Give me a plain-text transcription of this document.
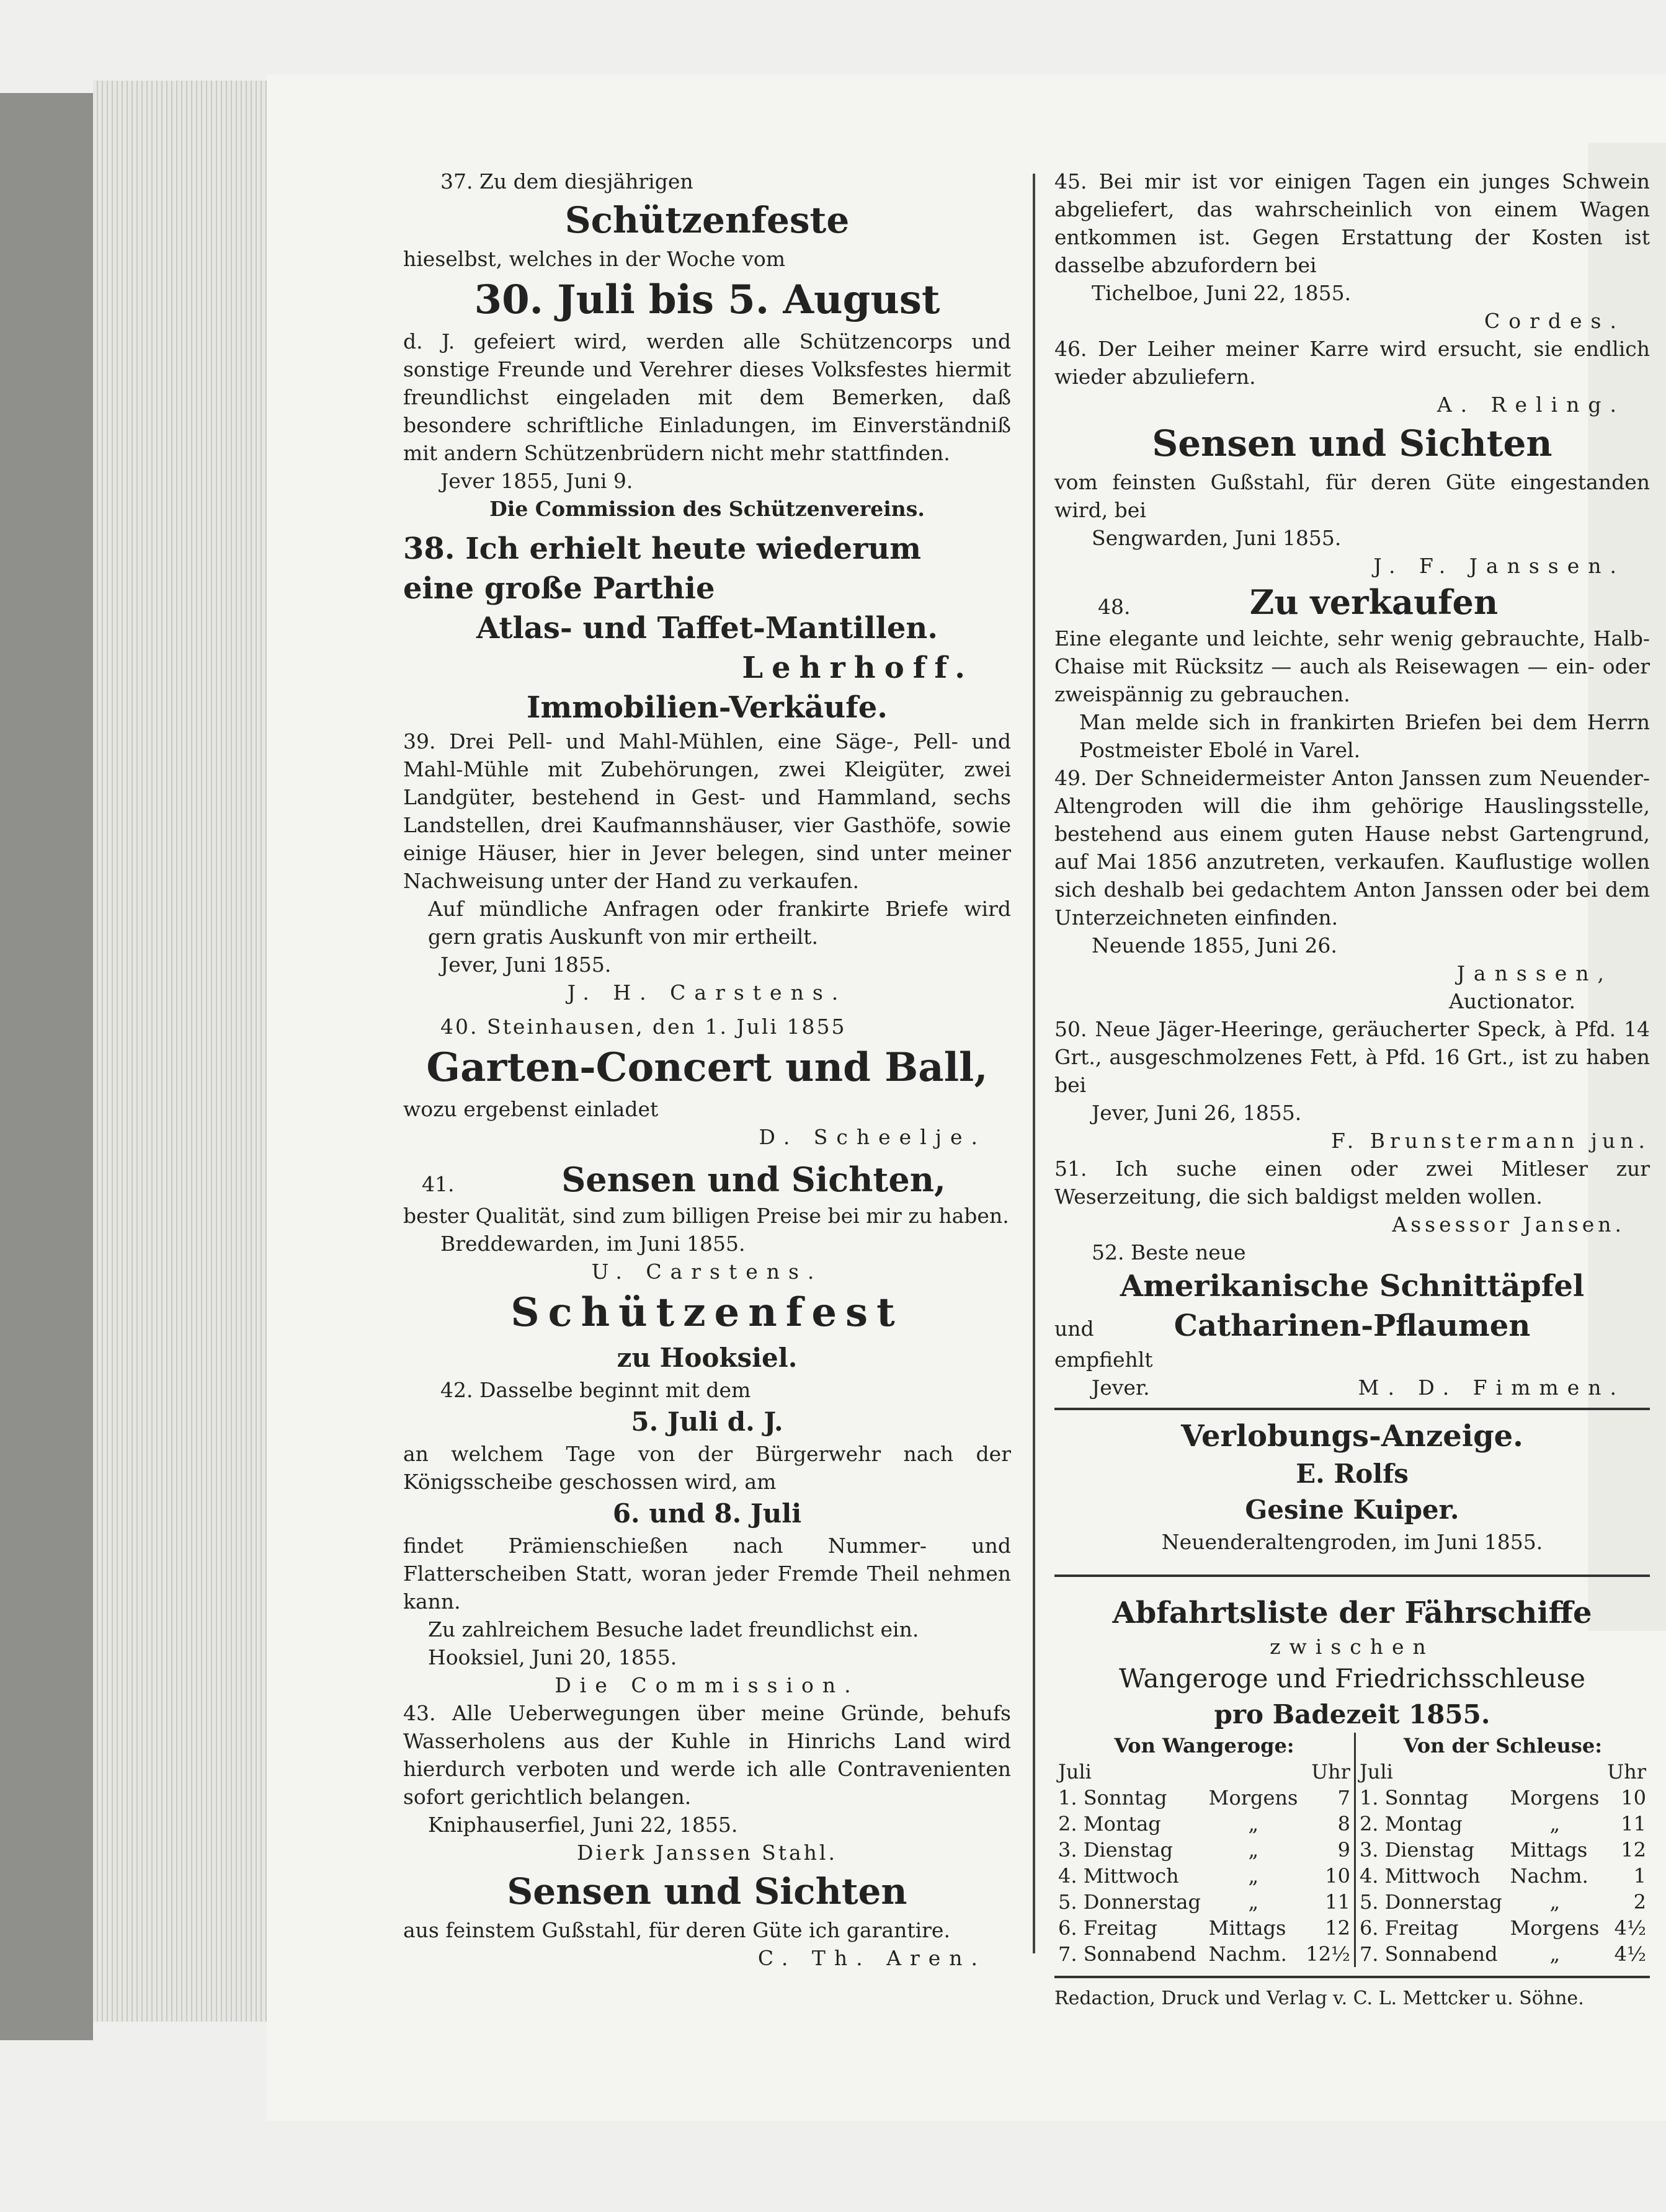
37. Zu dem diesjährigen

Schützenfeste

hieselbst, welches in der Woche vom

30. Juli bis 5. August

d. J. gefeiert wird, werden alle Schützencorps und sonstige Freunde und Verehrer dieses Volksfestes hiermit freundlichst eingeladen mit dem Bemerken, daß besondere schriftliche Einladungen, im Einverständniß mit andern Schützenbrüdern nicht mehr stattfinden.

Jever 1855, Juni 9.

Die Commission des Schützenvereins.

38. Ich erhielt heute wiederum

eine große Parthie

Atlas- und Taffet-Mantillen.

Lehrhoff.

Immobilien-Verkäufe.

39. Drei Pell- und Mahl-Mühlen, eine Säge-, Pell- und Mahl-Mühle mit Zubehörungen, zwei Kleigüter, zwei Landgüter, bestehend in Gest- und Hammland, sechs Landstellen, drei Kaufmannshäuser, vier Gasthöfe, sowie einige Häuser, hier in Jever belegen, sind unter meiner Nachweisung unter der Hand zu verkaufen.

Auf mündliche Anfragen oder frankirte Briefe wird gern gratis Auskunft von mir ertheilt.

Jever, Juni 1855.

J. H. Carstens.

40. Steinhausen, den 1. Juli 1855

Garten-Concert und Ball,

wozu ergebenst einladet

D. Scheelje.

41.	Sensen und Sichten,

bester Qualität, sind zum billigen Preise bei mir zu haben.

Breddewarden, im Juni 1855.

U. Carstens.

Schützenfest

zu Hooksiel.

42. Dasselbe beginnt mit dem

5. Juli d. J.

an welchem Tage von der Bürgerwehr nach der Königsscheibe geschossen wird, am

6. und 8. Juli

findet Prämienschießen nach Nummer- und Flatterscheiben Statt, woran jeder Fremde Theil nehmen kann.

Zu zahlreichem Besuche ladet freundlichst ein.

Hooksiel, Juni 20, 1855.

Die Commission.

43. Alle Ueberwegungen über meine Gründe, behufs Wasserholens aus der Kuhle in Hinrichs Land wird hierdurch verboten und werde ich alle Contravenienten sofort gerichtlich belangen.

Kniphauserfiel, Juni 22, 1855.

Dierk Janssen Stahl.

Sensen und Sichten

aus feinstem Gußstahl, für deren Güte ich garantire.

C. Th. Aren.

45. Bei mir ist vor einigen Tagen ein junges Schwein abgeliefert, das wahrscheinlich von einem Wagen entkommen ist. Gegen Erstattung der Kosten ist dasselbe abzufordern bei

Tichelboe, Juni 22, 1855.

Cordes.

46. Der Leiher meiner Karre wird ersucht, sie endlich wieder abzuliefern.

A. Reling.

Sensen und Sichten

vom feinsten Gußstahl, für deren Güte eingestanden wird, bei

Sengwarden, Juni 1855.

J. F. Janssen.

48.	Zu verkaufen

Eine elegante und leichte, sehr wenig gebrauchte, Halb-Chaise mit Rücksitz — auch als Reisewagen — ein- oder zweispännig zu gebrauchen.

Man melde sich in frankirten Briefen bei dem Herrn Postmeister Ebolé in Varel.

49. Der Schneidermeister Anton Janssen zum Neuender-Altengroden will die ihm gehörige Hauslingsstelle, bestehend aus einem guten Hause nebst Gartengrund, auf Mai 1856 anzutreten, verkaufen. Kauflustige wollen sich deshalb bei gedachtem Anton Janssen oder bei dem Unterzeichneten einfinden.

Neuende 1855, Juni 26.

Janssen,

Auctionator.

50. Neue Jäger-Heeringe, geräucherter Speck, à Pfd. 14 Grt., ausgeschmolzenes Fett, à Pfd. 16 Grt., ist zu haben bei

Jever, Juni 26, 1855.

F. Brunstermann jun.

51. Ich suche einen oder zwei Mitleser zur Weserzeitung, die sich baldigst melden wollen.

Assessor Jansen.

52. Beste neue

Amerikanische Schnittäpfel

und	Catharinen-Pflaumen

empfiehlt

Jever.	M. D. Fimmen.

Verlobungs-Anzeige.

E. Rolfs

Gesine Kuiper.

Neuenderaltengroden, im Juni 1855.

Abfahrtsliste der Fährschiffe

zwischen

Wangeroge und Friedrichsschleuse

pro Badezeit 1855.

Von Wangeroge:			Von der Schleuse:		
Juli		Uhr	Juli		Uhr
1. Sonntag	Morgens	7	1. Sonntag	Morgens	10
2. Montag	„	8	2. Montag	„	11
3. Dienstag	„	9	3. Dienstag	Mittags	12
4. Mittwoch	„	10	4. Mittwoch	Nachm.	1
5. Donnerstag	„	11	5. Donnerstag	„	2
6. Freitag	Mittags	12	6. Freitag	Morgens	4½
7. Sonnabend	Nachm.	12½	7. Sonnabend	„	4½

Redaction, Druck und Verlag v. C. L. Mettcker u. Söhne.
